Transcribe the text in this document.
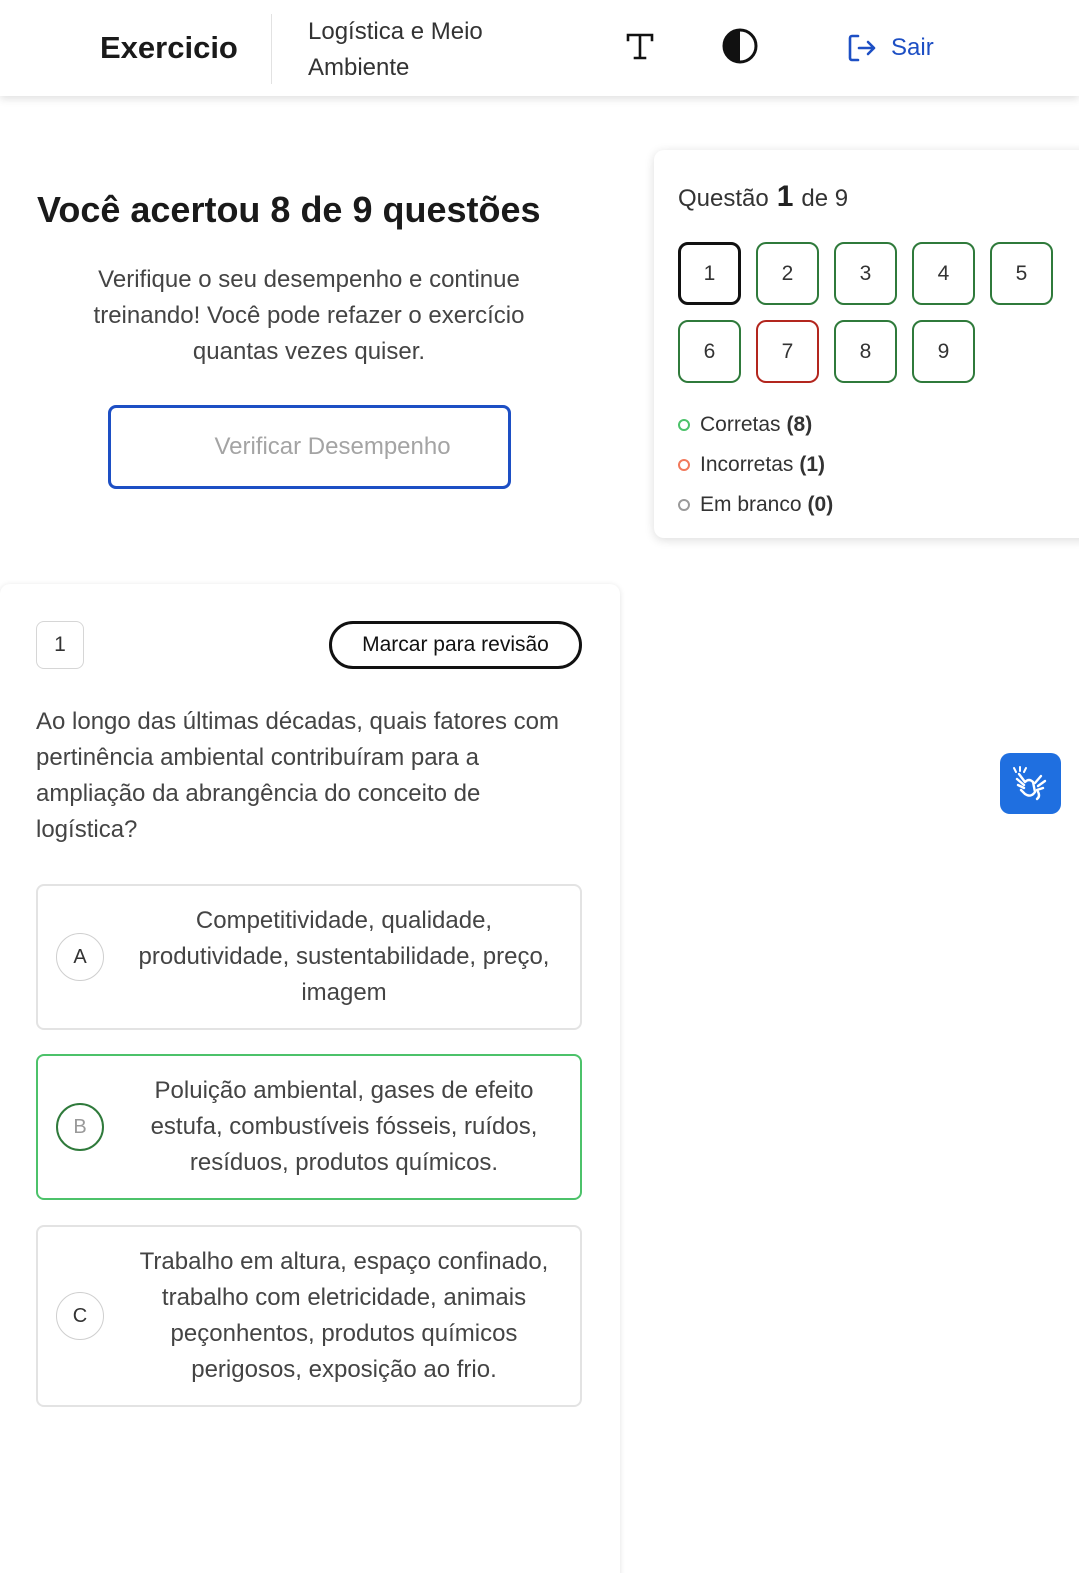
Exercicio	Logística e Meio Ambiente
Sair
Você acertou 8 de 9 questões

Verifique o seu desempenho e continue treinando! Você pode refazer o exercício quantas vezes quiser.

Verificar Desempenho
Questão 1 de 9
1	2	3	4	5
6	7	8	9
Corretas (8)
Incorretas (1)
Em branco (0)
1	Marcar para revisão

Ao longo das últimas décadas, quais fatores com pertinência ambiental contribuíram para a ampliação da abrangência do conceito de logística?

A
Competitividade, qualidade, produtividade, sustentabilidade, preço, imagem
B
Poluição ambiental, gases de efeito estufa, combustíveis fósseis, ruídos, resíduos, produtos químicos.
C
Trabalho em altura, espaço confinado, trabalho com eletricidade, animais peçonhentos, produtos químicos perigosos, exposição ao frio.
